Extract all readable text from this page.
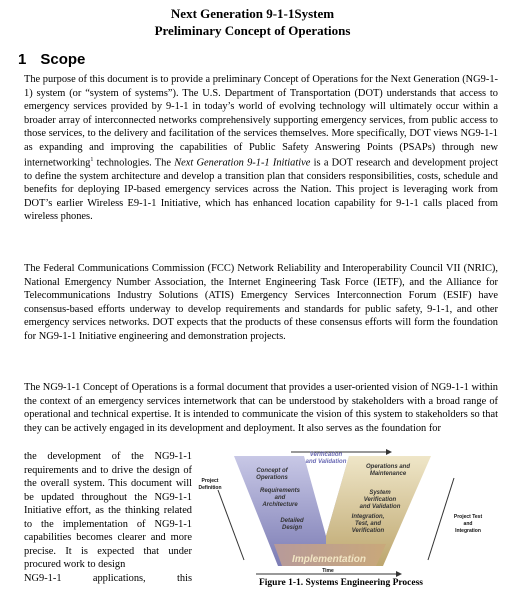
Next Generation 9-1-1System
Preliminary Concept of Operations
1 Scope
The purpose of this document is to provide a preliminary Concept of Operations for the Next Generation (NG9-1-1) system (or “system of systems”). The U.S. Department of Transportation (DOT) understands that access to emergency services provided by 9-1-1 in today’s world of evolving technology will ultimately occur within a broader array of interconnected networks comprehensively supporting emergency services, from public access to those services, to the delivery and facilitation of the services themselves. More specifically, DOT views NG9-1-1 as expanding and improving the capabilities of Public Safety Answering Points (PSAPs) through new internetworking$^1$ technologies. The Next Generation 9-1-1 Initiative is a DOT research and development project to define the system architecture and develop a transition plan that considers responsibilities, costs, schedule and benefits for deploying IP-based emergency services across the Nation. This project is leveraging work from DOT’s earlier Wireless E9-1-1 Initiative, which has enhanced location capability for 9-1-1 calls placed from wireless phones.
The Federal Communications Commission (FCC) Network Reliability and Interoperability Council VII (NRIC), National Emergency Number Association, the Internet Engineering Task Force (IETF), and the Alliance for Telecommunications Industry Solutions (ATIS) Emergency Services Interconnection Forum (ESIF) have consensus-based efforts underway to develop requirements and standards for public safety, 9-1-1, and other emergency services networks. DOT expects that the products of these consensus efforts will form the foundation for NG9-1-1 Initiative engineering and demonstration projects.
The NG9-1-1 Concept of Operations is a formal document that provides a user-oriented vision of NG9-1-1 within the context of an emergency services internetwork that can be understood by stakeholders with a broad range of operational and technical expertise. It is intended to communicate the vision of this system to stakeholders so that they can be actively engaged in its development and deployment. It also serves as the foundation for
the development of the NG9-1-1 requirements and to drive the design of the overall system. This document will be updated throughout the NG9-1-1 Initiative effort, as the thinking related to the implementation of NG9-1-1 capabilities becomes clearer and more precise. It is expected that under procured work to design
NG9-1-1 applications, this
Verification and Validation
Concept of Operations
Requirements and Architecture
Detailed Design
Operations and Maintenance
System Verification and Validation
Integration, Test, and Verification
Implementation
Project Definition
Project Test and Integration
Time
Figure 1-1. Systems Engineering Process
